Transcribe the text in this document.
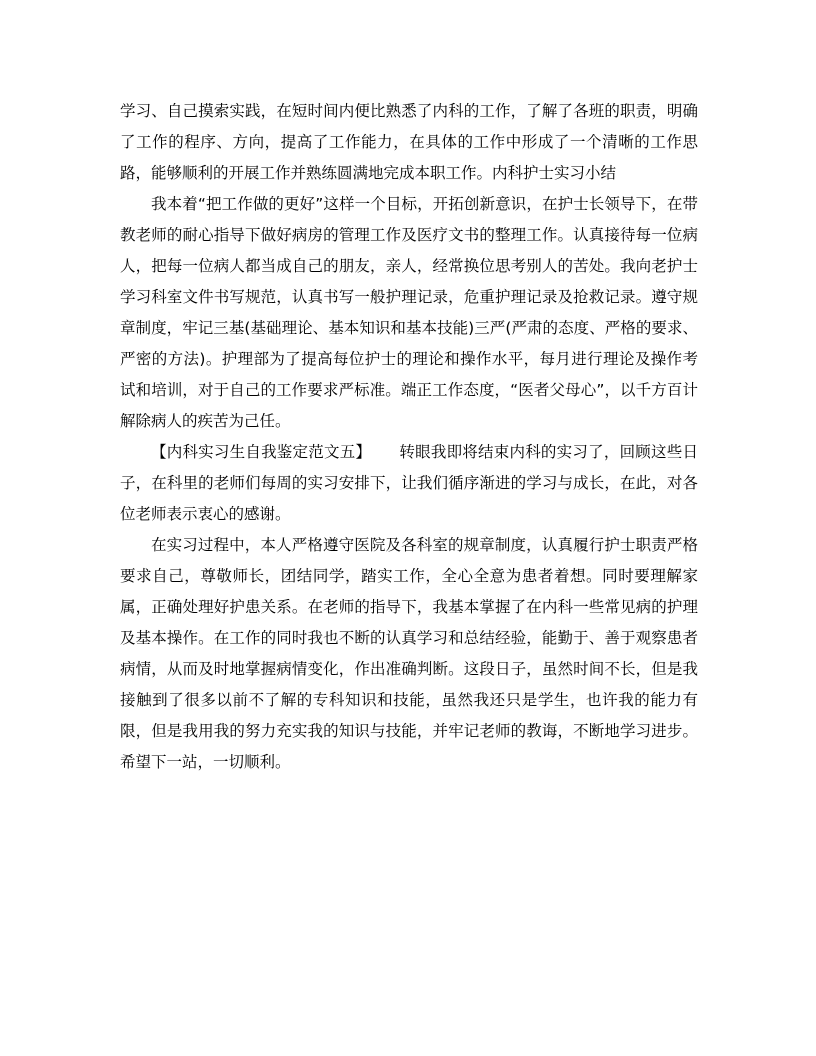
学习、自己摸索实践，在短时间内便比熟悉了内科的工作，了解了各班的职责，明确了工作的程序、方向，提高了工作能力，在具体的工作中形成了一个清晰的工作思路，能够顺利的开展工作并熟练圆满地完成本职工作。内科护士实习小结

我本着“把工作做的更好”这样一个目标，开拓创新意识，在护士长领导下，在带教老师的耐心指导下做好病房的管理工作及医疗文书的整理工作。认真接待每一位病人，把每一位病人都当成自己的朋友，亲人，经常换位思考别人的苦处。我向老护士学习科室文件书写规范，认真书写一般护理记录，危重护理记录及抢救记录。遵守规章制度，牢记三基(基础理论、基本知识和基本技能)三严(严肃的态度、严格的要求、严密的方法)。护理部为了提高每位护士的理论和操作水平，每月进行理论及操作考试和培训，对于自己的工作要求严标准。端正工作态度，“医者父母心”，以千方百计解除病人的疾苦为己任。

【内科实习生自我鉴定范文五】 转眼我即将结束内科的实习了，回顾这些日子，在科里的老师们每周的实习安排下，让我们循序渐进的学习与成长，在此，对各位老师表示衷心的感谢。

在实习过程中，本人严格遵守医院及各科室的规章制度，认真履行护士职责严格要求自己，尊敬师长，团结同学，踏实工作，全心全意为患者着想。同时要理解家属，正确处理好护患关系。在老师的指导下，我基本掌握了在内科一些常见病的护理及基本操作。在工作的同时我也不断的认真学习和总结经验，能勤于、善于观察患者病情，从而及时地掌握病情变化，作出准确判断。这段日子，虽然时间不长，但是我接触到了很多以前不了解的专科知识和技能，虽然我还只是学生，也许我的能力有限，但是我用我的努力充实我的知识与技能，并牢记老师的教诲，不断地学习进步。希望下一站，一切顺利。
